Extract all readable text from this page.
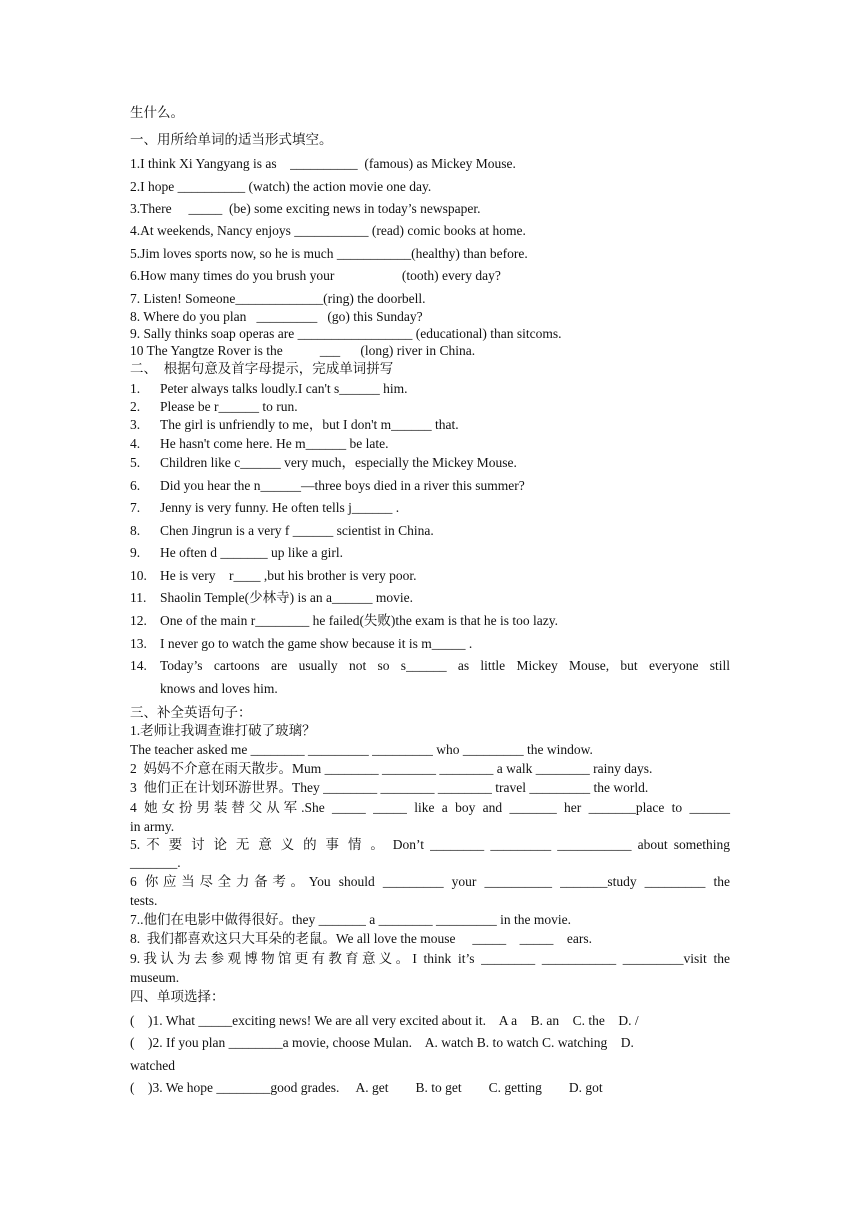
生什么。
一、用所给单词的适当形式填空。
1.I think Xi Yangyang is as    __________  (famous) as Mickey Mouse.
2.I hope __________ (watch) the action movie one day.
3.There     _____  (be) some exciting news in today’s newspaper.
4.At weekends, Nancy enjoys ___________ (read) comic books at home.
5.Jim loves sports now, so he is much ___________(healthy) than before.
6.How many times do you brush your                    (tooth) every day?
7. Listen! Someone_____________(ring) the doorbell.
8. Where do you plan   _________   (go) this Sunday?
9. Sally thinks soap operas are _________________ (educational) than sitcoms.
10 The Yangtze Rover is the           ___      (long) river in China.
二、  根据句意及首字母提示，完成单词拼写
1.	Peter always talks loudly.I can't s______ him.
2.	Please be r______ to run.
3.	The girl is unfriendly to me，but I don't m______ that.
4.	He hasn't come here. He m______ be late.
5.	Children like c______ very much，especially the Mickey Mouse.
6.	Did you hear the n______—three boys died in a river this summer?
7.	Jenny is very funny. He often tells j______ .
8.	Chen Jingrun is a very f ______ scientist in China.
9.	He often d _______ up like a girl.
10. He is very    r____ ,but his brother is very poor.
11.	Shaolin Temple(少林寺) is an a______ movie.
12. One of the main r________ he failed(失败)the exam is that he is too lazy.
13. I never go to watch the game show because it is m_____ .
14. Today’s cartoons are usually not so s______ as little Mickey Mouse, but everyone still
knows and loves him.
三、补全英语句子：
1.老师让我调查谁打破了玻璃？
The teacher asked me ________ _________ _________ who _________ the window.
2  妈妈不介意在雨天散步。Mum ________ ________ ________ a walk ________ rainy days.
3  他们正在计划环游世界。They ________ ________ ________ travel _________ the world.
4 她女扮男装替父从军.She _____ _____ like a boy and _______ her _______place to ______
in army.
5. 不 要 讨 论 无 意 义 的 事 情 。 Don’t ________ _________ ___________ about something
_______.
6 你应当尽全力备考。You should _________ your __________ _______study _________ the
tests.
7..他们在电影中做得很好。they _______ a ________ _________ in the movie.
8.  我们都喜欢这只大耳朵的老鼠。We all love the mouse     _____    _____    ears.
9.我认为去参观博物馆更有教育意义。I think it’s ________ ___________ _________visit the
museum.
四、单项选择：
(    )1. What _____exciting news! We are all very excited about it.    A a    B. an    C. the    D. /
(    )2. If you plan ________a movie, choose Mulan.    A. watch B. to watch C. watching    D.
watched
(    )3. We hope ________good grades.     A. get        B. to get        C. getting        D. got
